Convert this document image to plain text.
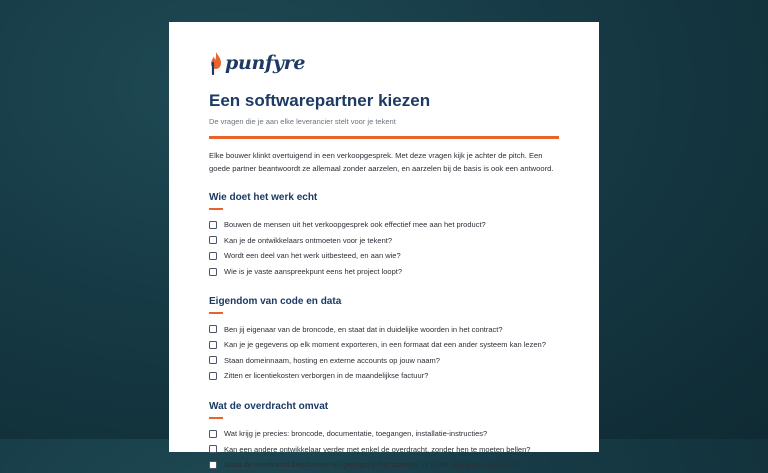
punfyre
Een softwarepartner kiezen

De vragen die je aan elke leverancier stelt voor je tekent

Elke bouwer klinkt overtuigend in een verkoopgesprek. Met deze vragen kijk je achter de pitch. Een goede partner beantwoordt ze allemaal zonder aarzelen, en aarzelen bij de basis is ook een antwoord.

Wie doet het werk echt
Bouwen de mensen uit het verkoopgesprek ook effectief mee aan het product?
Kan je de ontwikkelaars ontmoeten voor je tekent?
Wordt een deel van het werk uitbesteed, en aan wie?
Wie is je vaste aanspreekpunt eens het project loopt?
Eigendom van code en data
Ben jij eigenaar van de broncode, en staat dat in duidelijke woorden in het contract?
Kan je je gegevens op elk moment exporteren, in een formaat dat een ander systeem kan lezen?
Staan domeinnaam, hosting en externe accounts op jouw naam?
Zitten er licentiekosten verborgen in de maandelijkse factuur?
Wat de overdracht omvat
Wat krijg je precies: broncode, documentatie, toegangen, installatie-instructies?
Kan een andere ontwikkelaar verder met enkel de overdracht, zonder hen te moeten bellen?
Staat de overdracht beschreven en geprijsd in het contract, of is het een gunst voor later?
